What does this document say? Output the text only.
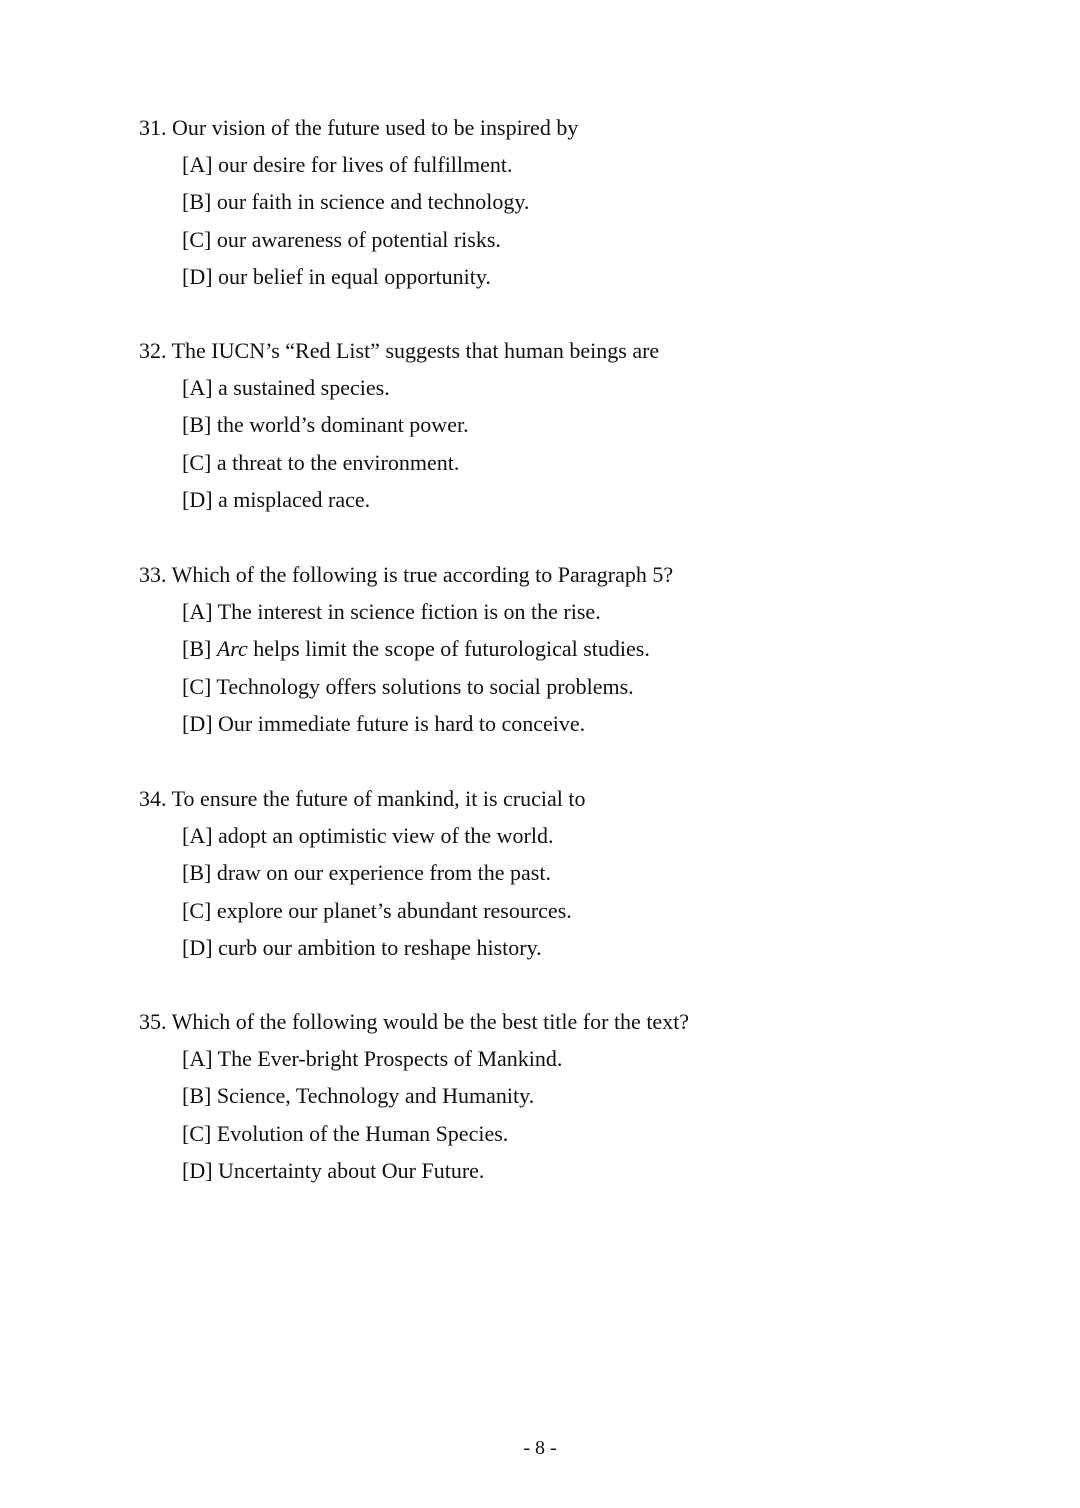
31. Our vision of the future used to be inspired by
[A] our desire for lives of fulfillment.
[B] our faith in science and technology.
[C] our awareness of potential risks.
[D] our belief in equal opportunity.
32. The IUCN’s “Red List” suggests that human beings are
[A] a sustained species.
[B] the world’s dominant power.
[C] a threat to the environment.
[D] a misplaced race.
33. Which of the following is true according to Paragraph 5?
[A] The interest in science fiction is on the rise.
[B] Arc helps limit the scope of futurological studies.
[C] Technology offers solutions to social problems.
[D] Our immediate future is hard to conceive.
34. To ensure the future of mankind, it is crucial to
[A] adopt an optimistic view of the world.
[B] draw on our experience from the past.
[C] explore our planet’s abundant resources.
[D] curb our ambition to reshape history.
35. Which of the following would be the best title for the text?
[A] The Ever-bright Prospects of Mankind.
[B] Science, Technology and Humanity.
[C] Evolution of the Human Species.
[D] Uncertainty about Our Future.
- 8 -
